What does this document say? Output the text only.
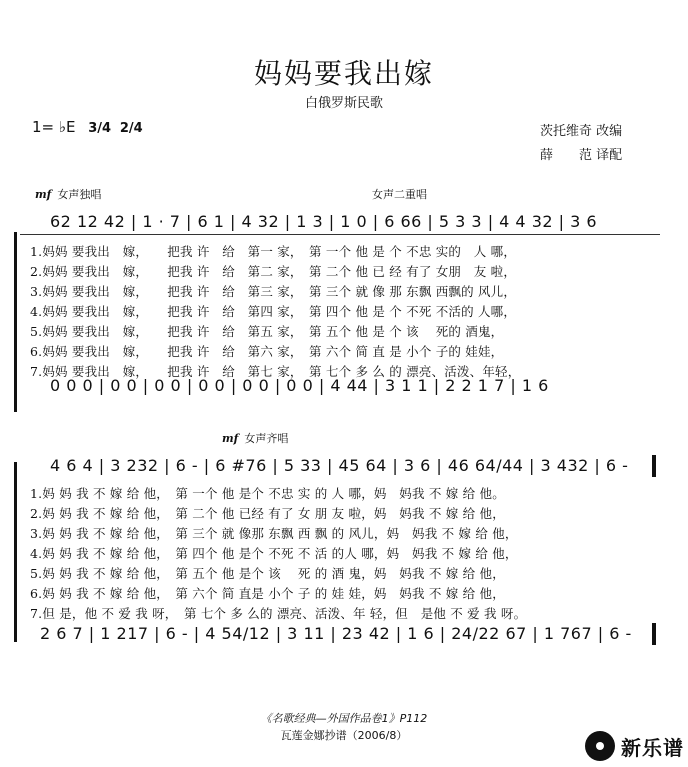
妈妈要我出嫁
白俄罗斯民歌
1= ♭E 3/4 2/4	茨托维奇 改编
薛　　范 译配
mf 女声独唱	女声二重唱
62 12 42 | 1 · 7 | 6 1 | 4 32 | 1 3 | 1 0 | 6 66 | 5 3 3 | 4 4 32 | 3 6
1.妈妈 要我出　嫁，　　把我 许　给　第一 家，　第 一个 他 是 个 不忠 实的　人 哪，
2.妈妈 要我出　嫁，　　把我 许　给　第二 家，　第 二个 他 已 经 有了 女朋　友 啦，
3.妈妈 要我出　嫁，　　把我 许　给　第三 家，　第 三个 就 像 那 东飘 西飘的 风儿，
4.妈妈 要我出　嫁，　　把我 许　给　第四 家，　第 四个 他 是 个 不死 不活的 人哪，
5.妈妈 要我出　嫁，　　把我 许　给　第五 家，　第 五个 他 是 个 该　 死的 酒鬼，
6.妈妈 要我出　嫁，　　把我 许　给　第六 家，　第 六个 简 直 是 小个 子的 娃娃，
7.妈妈 要我出　嫁，　　把我 许　给　第七 家，　第 七个 多 么 的 漂亮、活泼、年轻，
0 0 0 | 0 0 | 0 0 | 0 0 | 0 0 | 0 0 | 4 44 | 3 1 1 | 2 2 1 7 | 1 6
mf 女声齐唱
4 6 4 | 3 232 | 6 - | 6 #76 | 5 33 | 45 64 | 3 6 | 46 64/44 | 3 432 | 6 -
1.妈 妈 我 不 嫁 给 他，　第 一个 他 是个 不忠 实 的 人 哪，妈　妈我 不 嫁 给 他。
2.妈 妈 我 不 嫁 给 他，　第 二个 他 已经 有了 女 朋 友 啦，妈　妈我 不 嫁 给 他，
3.妈 妈 我 不 嫁 给 他，　第 三个 就 像那 东飘 西 飘 的 风儿，妈　妈我 不 嫁 给 他，
4.妈 妈 我 不 嫁 给 他，　第 四个 他 是个 不死 不 活 的人 哪，妈　妈我 不 嫁 给 他，
5.妈 妈 我 不 嫁 给 他，　第 五个 他 是个 该　 死 的 酒 鬼，妈　妈我 不 嫁 给 他，
6.妈 妈 我 不 嫁 给 他，　第 六个 简 直是 小个 子 的 娃 娃，妈　妈我 不 嫁 给 他，
7.但 是，他 不 爱 我 呀，　第 七个 多 么的 漂亮、活泼、年 轻，但　是他 不 爱 我 呀。
2 6 7 | 1 217 | 6 - | 4 54/12 | 3 11 | 23 42 | 1 6 | 24/22 67 | 1 767 | 6 -
《名歌经典—外国作品卷1》P112
瓦莲金娜抄谱（2006/8）	新乐谱
